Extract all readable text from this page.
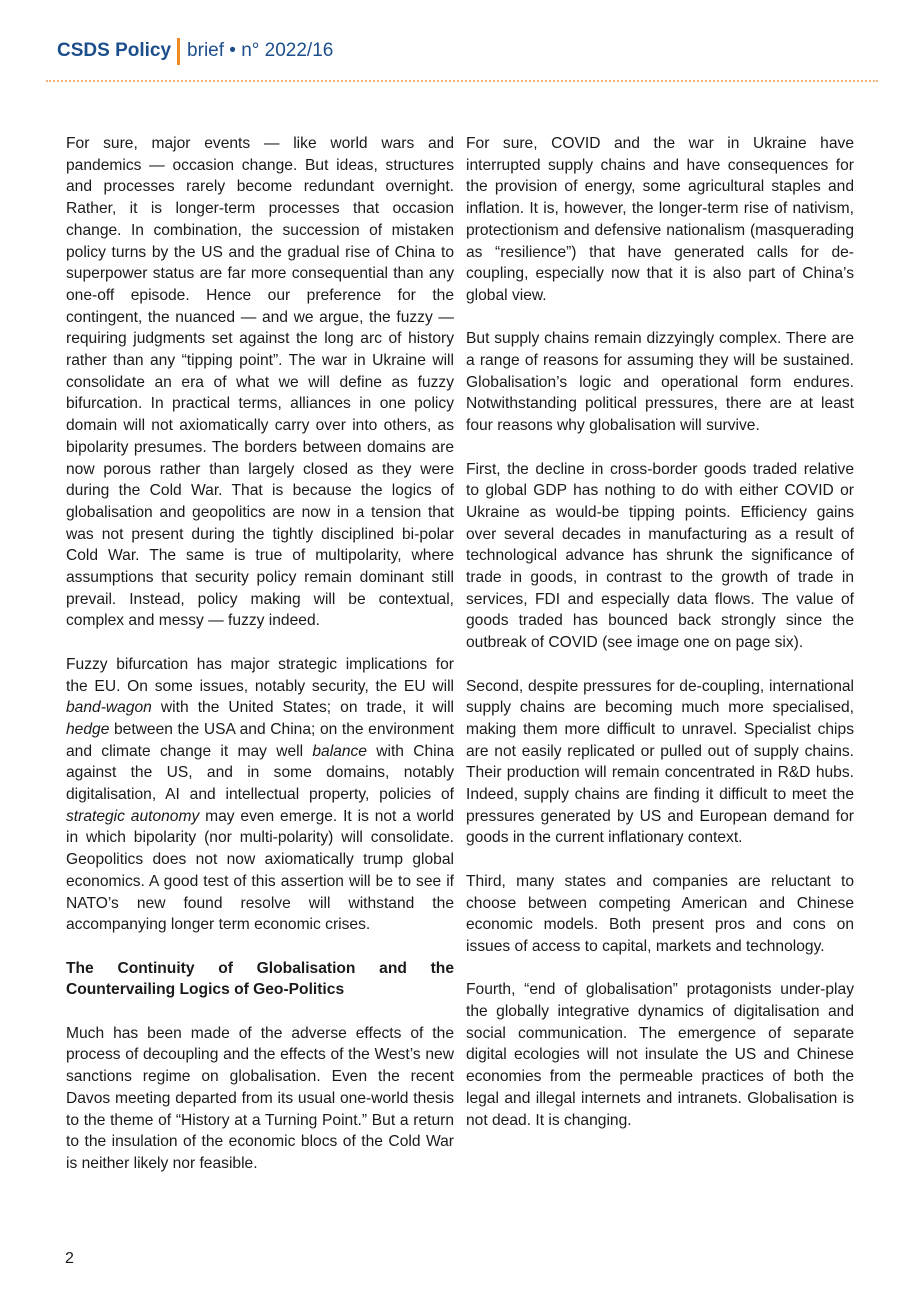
CSDS Policy brief • n° 2022/16

For sure, major events — like world wars and pandemics — occasion change. But ideas, structures and processes rarely become redundant overnight. Rather, it is longer-term processes that occasion change. In combination, the succession of mistaken policy turns by the US and the gradual rise of China to superpower status are far more consequential than any one-off episode. Hence our preference for the contingent, the nuanced — and we argue, the fuzzy — requiring judgments set against the long arc of history rather than any “tipping point”. The war in Ukraine will consolidate an era of what we will define as fuzzy bifurcation. In practical terms, alliances in one policy domain will not axiomatically carry over into others, as bipolarity presumes. The borders between domains are now porous rather than largely closed as they were during the Cold War. That is because the logics of globalisation and geopolitics are now in a tension that was not present during the tightly disciplined bi-polar Cold War. The same is true of multipolarity, where assumptions that security policy remain dominant still prevail. Instead, policy making will be contextual, complex and messy — fuzzy indeed.

Fuzzy bifurcation has major strategic implications for the EU. On some issues, notably security, the EU will band-wagon with the United States; on trade, it will hedge between the USA and China; on the environment and climate change it may well balance with China against the US, and in some domains, notably digitalisation, AI and intellectual property, policies of strategic autonomy may even emerge. It is not a world in which bipolarity (nor multi-polarity) will consolidate. Geopolitics does not now axiomatically trump global economics. A good test of this assertion will be to see if NATO’s new found resolve will withstand the accompanying longer term economic crises.

The Continuity of Globalisation and the Countervailing Logics of Geo-Politics

Much has been made of the adverse effects of the process of decoupling and the effects of the West’s new sanctions regime on globalisation. Even the recent Davos meeting departed from its usual one-world thesis to the theme of “History at a Turning Point.” But a return to the insulation of the economic blocs of the Cold War is neither likely nor feasible.

For sure, COVID and the war in Ukraine have interrupted supply chains and have consequences for the provision of energy, some agricultural staples and inflation. It is, however, the longer-term rise of nativism, protectionism and defensive nationalism (masquerading as “resilience”) that have generated calls for de-coupling, especially now that it is also part of China’s global view.

But supply chains remain dizzyingly complex. There are a range of reasons for assuming they will be sustained. Globalisation’s logic and operational form endures. Notwithstanding political pressures, there are at least four reasons why globalisation will survive.

First, the decline in cross-border goods traded relative to global GDP has nothing to do with either COVID or Ukraine as would-be tipping points. Efficiency gains over several decades in manufacturing as a result of technological advance has shrunk the significance of trade in goods, in contrast to the growth of trade in services, FDI and especially data flows. The value of goods traded has bounced back strongly since the outbreak of COVID (see image one on page six).

Second, despite pressures for de-coupling, international supply chains are becoming much more specialised, making them more difficult to unravel. Specialist chips are not easily replicated or pulled out of supply chains. Their production will remain concentrated in R&D hubs. Indeed, supply chains are finding it difficult to meet the pressures generated by US and European demand for goods in the current inflationary context.

Third, many states and companies are reluctant to choose between competing American and Chinese economic models. Both present pros and cons on issues of access to capital, markets and technology.

Fourth, “end of globalisation” protagonists under-play the globally integrative dynamics of digitalisation and social communication. The emergence of separate digital ecologies will not insulate the US and Chinese economies from the permeable practices of both the legal and illegal internets and intranets. Globalisation is not dead. It is changing.

2
